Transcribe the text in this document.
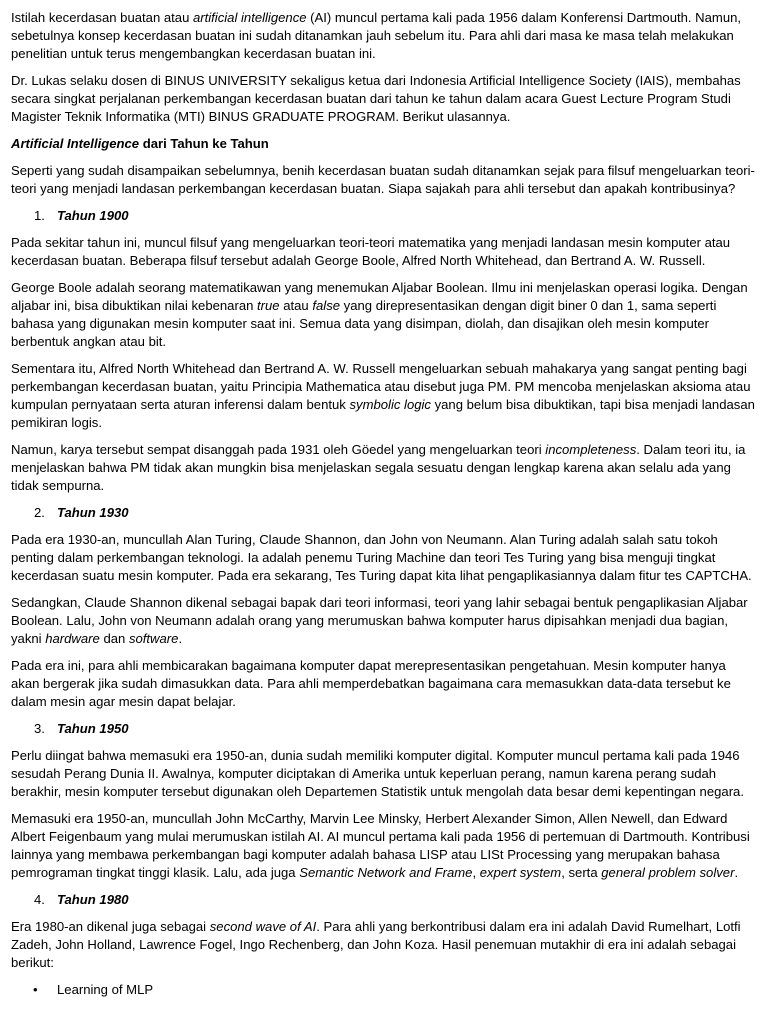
Istilah kecerdasan buatan atau artificial intelligence (AI) muncul pertama kali pada 1956 dalam Konferensi Dartmouth. Namun, sebetulnya konsep kecerdasan buatan ini sudah ditanamkan jauh sebelum itu. Para ahli dari masa ke masa telah melakukan penelitian untuk terus mengembangkan kecerdasan buatan ini.

Dr. Lukas selaku dosen di BINUS UNIVERSITY sekaligus ketua dari Indonesia Artificial Intelligence Society (IAIS), membahas secara singkat perjalanan perkembangan kecerdasan buatan dari tahun ke tahun dalam acara Guest Lecture Program Studi Magister Teknik Informatika (MTI) BINUS GRADUATE PROGRAM. Berikut ulasannya.

Artificial Intelligence dari Tahun ke Tahun

Seperti yang sudah disampaikan sebelumnya, benih kecerdasan buatan sudah ditanamkan sejak para filsuf mengeluarkan teori-teori yang menjadi landasan perkembangan kecerdasan buatan. Siapa sajakah para ahli tersebut dan apakah kontribusinya?

1. Tahun 1900

Pada sekitar tahun ini, muncul filsuf yang mengeluarkan teori-teori matematika yang menjadi landasan mesin komputer atau kecerdasan buatan. Beberapa filsuf tersebut adalah George Boole, Alfred North Whitehead, dan Bertrand A. W. Russell.

George Boole adalah seorang matematikawan yang menemukan Aljabar Boolean. Ilmu ini menjelaskan operasi logika. Dengan aljabar ini, bisa dibuktikan nilai kebenaran true atau false yang direpresentasikan dengan digit biner 0 dan 1, sama seperti bahasa yang digunakan mesin komputer saat ini. Semua data yang disimpan, diolah, dan disajikan oleh mesin komputer berbentuk angkan atau bit.

Sementara itu, Alfred North Whitehead dan Bertrand A. W. Russell mengeluarkan sebuah mahakarya yang sangat penting bagi perkembangan kecerdasan buatan, yaitu Principia Mathematica atau disebut juga PM. PM mencoba menjelaskan aksioma atau kumpulan pernyataan serta aturan inferensi dalam bentuk symbolic logic yang belum bisa dibuktikan, tapi bisa menjadi landasan pemikiran logis.

Namun, karya tersebut sempat disanggah pada 1931 oleh Göedel yang mengeluarkan teori incompleteness. Dalam teori itu, ia menjelaskan bahwa PM tidak akan mungkin bisa menjelaskan segala sesuatu dengan lengkap karena akan selalu ada yang tidak sempurna.

2. Tahun 1930

Pada era 1930-an, muncullah Alan Turing, Claude Shannon, dan John von Neumann. Alan Turing adalah salah satu tokoh penting dalam perkembangan teknologi. Ia adalah penemu Turing Machine dan teori Tes Turing yang bisa menguji tingkat kecerdasan suatu mesin komputer. Pada era sekarang, Tes Turing dapat kita lihat pengaplikasiannya dalam fitur tes CAPTCHA.

Sedangkan, Claude Shannon dikenal sebagai bapak dari teori informasi, teori yang lahir sebagai bentuk pengaplikasian Aljabar Boolean. Lalu, John von Neumann adalah orang yang merumuskan bahwa komputer harus dipisahkan menjadi dua bagian, yakni hardware dan software.

Pada era ini, para ahli membicarakan bagaimana komputer dapat merepresentasikan pengetahuan. Mesin komputer hanya akan bergerak jika sudah dimasukkan data. Para ahli memperdebatkan bagaimana cara memasukkan data-data tersebut ke dalam mesin agar mesin dapat belajar.

3. Tahun 1950

Perlu diingat bahwa memasuki era 1950-an, dunia sudah memiliki komputer digital. Komputer muncul pertama kali pada 1946 sesudah Perang Dunia II. Awalnya, komputer diciptakan di Amerika untuk keperluan perang, namun karena perang sudah berakhir, mesin komputer tersebut digunakan oleh Departemen Statistik untuk mengolah data besar demi kepentingan negara.

Memasuki era 1950-an, muncullah John McCarthy, Marvin Lee Minsky, Herbert Alexander Simon, Allen Newell, dan Edward Albert Feigenbaum yang mulai merumuskan istilah AI. AI muncul pertama kali pada 1956 di pertemuan di Dartmouth. Kontribusi lainnya yang membawa perkembangan bagi komputer adalah bahasa LISP atau LISt Processing yang merupakan bahasa pemrograman tingkat tinggi klasik. Lalu, ada juga Semantic Network and Frame, expert system, serta general problem solver.

4. Tahun 1980

Era 1980-an dikenal juga sebagai second wave of AI. Para ahli yang berkontribusi dalam era ini adalah David Rumelhart, Lotfi Zadeh, John Holland, Lawrence Fogel, Ingo Rechenberg, dan John Koza. Hasil penemuan mutakhir di era ini adalah sebagai berikut:

• Learning of MLP
